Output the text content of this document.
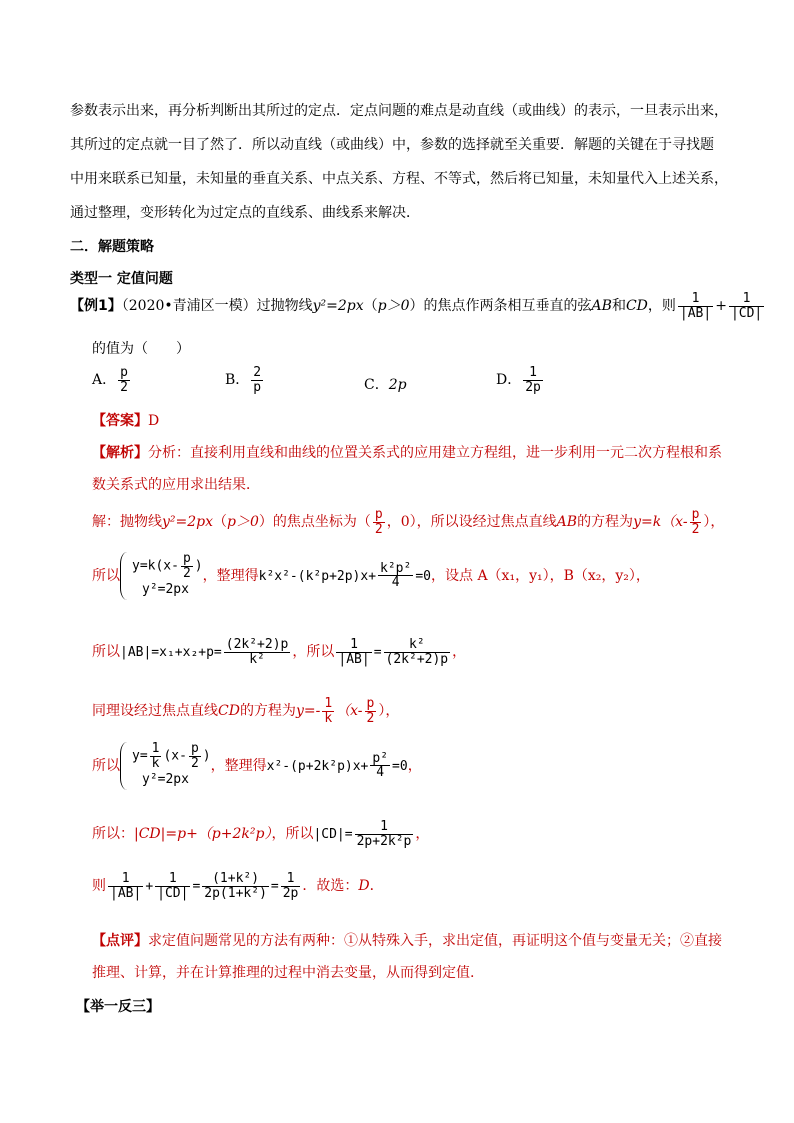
参数表示出来，再分析判断出其所过的定点．定点问题的难点是动直线（或曲线）的表示，一旦表示出来，
其所过的定点就一目了然了．所以动直线（或曲线）中，参数的选择就至关重要．解题的关键在于寻找题
中用来联系已知量，未知量的垂直关系、中点关系、方程、不等式，然后将已知量，未知量代入上述关系，
通过整理，变形转化为过定点的直线系、曲线系来解决．
二．解题策略
类型一 定值问题
【例1】（2020•青浦区一模）过抛物线y²=2px（p＞0）的焦点作两条相互垂直的弦AB和CD，则 $\frac{1}{|AB|} + \frac{1}{|CD|}$
的值为（　　）
A． $\frac{p}{2}$	B． $\frac{2}{p}$	C．2p	D． $\frac{1}{2p}$
【答案】D
【解析】分析：直接利用直线和曲线的位置关系式的应用建立方程组，进一步利用一元二次方程根和系
数关系式的应用求出结果．
解：抛物线y²=2px（p＞0）的焦点坐标为（ $\frac{p}{2}$ ，0），所以设经过焦点直线AB的方程为$y=k(x- \frac{p}{2}$ ），
所以
$y=k(x- \frac{p}{2}$ )
y²=2px
，整理得$k^2x^2-(k^2p+2p)x+ \frac{\text{k²p²}}{4} =0$，设点 A（x₁，y₁），B（x₂，y₂），
所以$|AB|=x_1+x_2+p= \frac{\text{(2k²+2)p}}{\text{k²}}$ ，所以 $\frac{1}{|AB|} = \frac{\text{k²}}{\text{(2k²+2)p}}$ ，
同理设经过焦点直线CD的方程为$y=- \frac{1}{k} (x- \frac{p}{2}$ ），
所以
$y= \frac{1}{k} (x- \frac{p}{2}$ )
y²=2px
，整理得$x^2-(p+2k^2p)x+ \frac{\text{p²}}{4} =0$，
所以：|CD|=p+（p+2k²p），所以$|CD|= \frac{1}{\text{2p+2k²p}}$ ，
则 $\frac{1}{|AB|} + \frac{1}{|CD|} = \frac{\text{(1+k²)}}{\text{2p(1+k²)}} = \frac{1}{2p}$ ．故选：D．
【点评】求定值问题常见的方法有两种：①从特殊入手，求出定值，再证明这个值与变量无关；②直接
推理、计算，并在计算推理的过程中消去变量，从而得到定值.
【举一反三】
